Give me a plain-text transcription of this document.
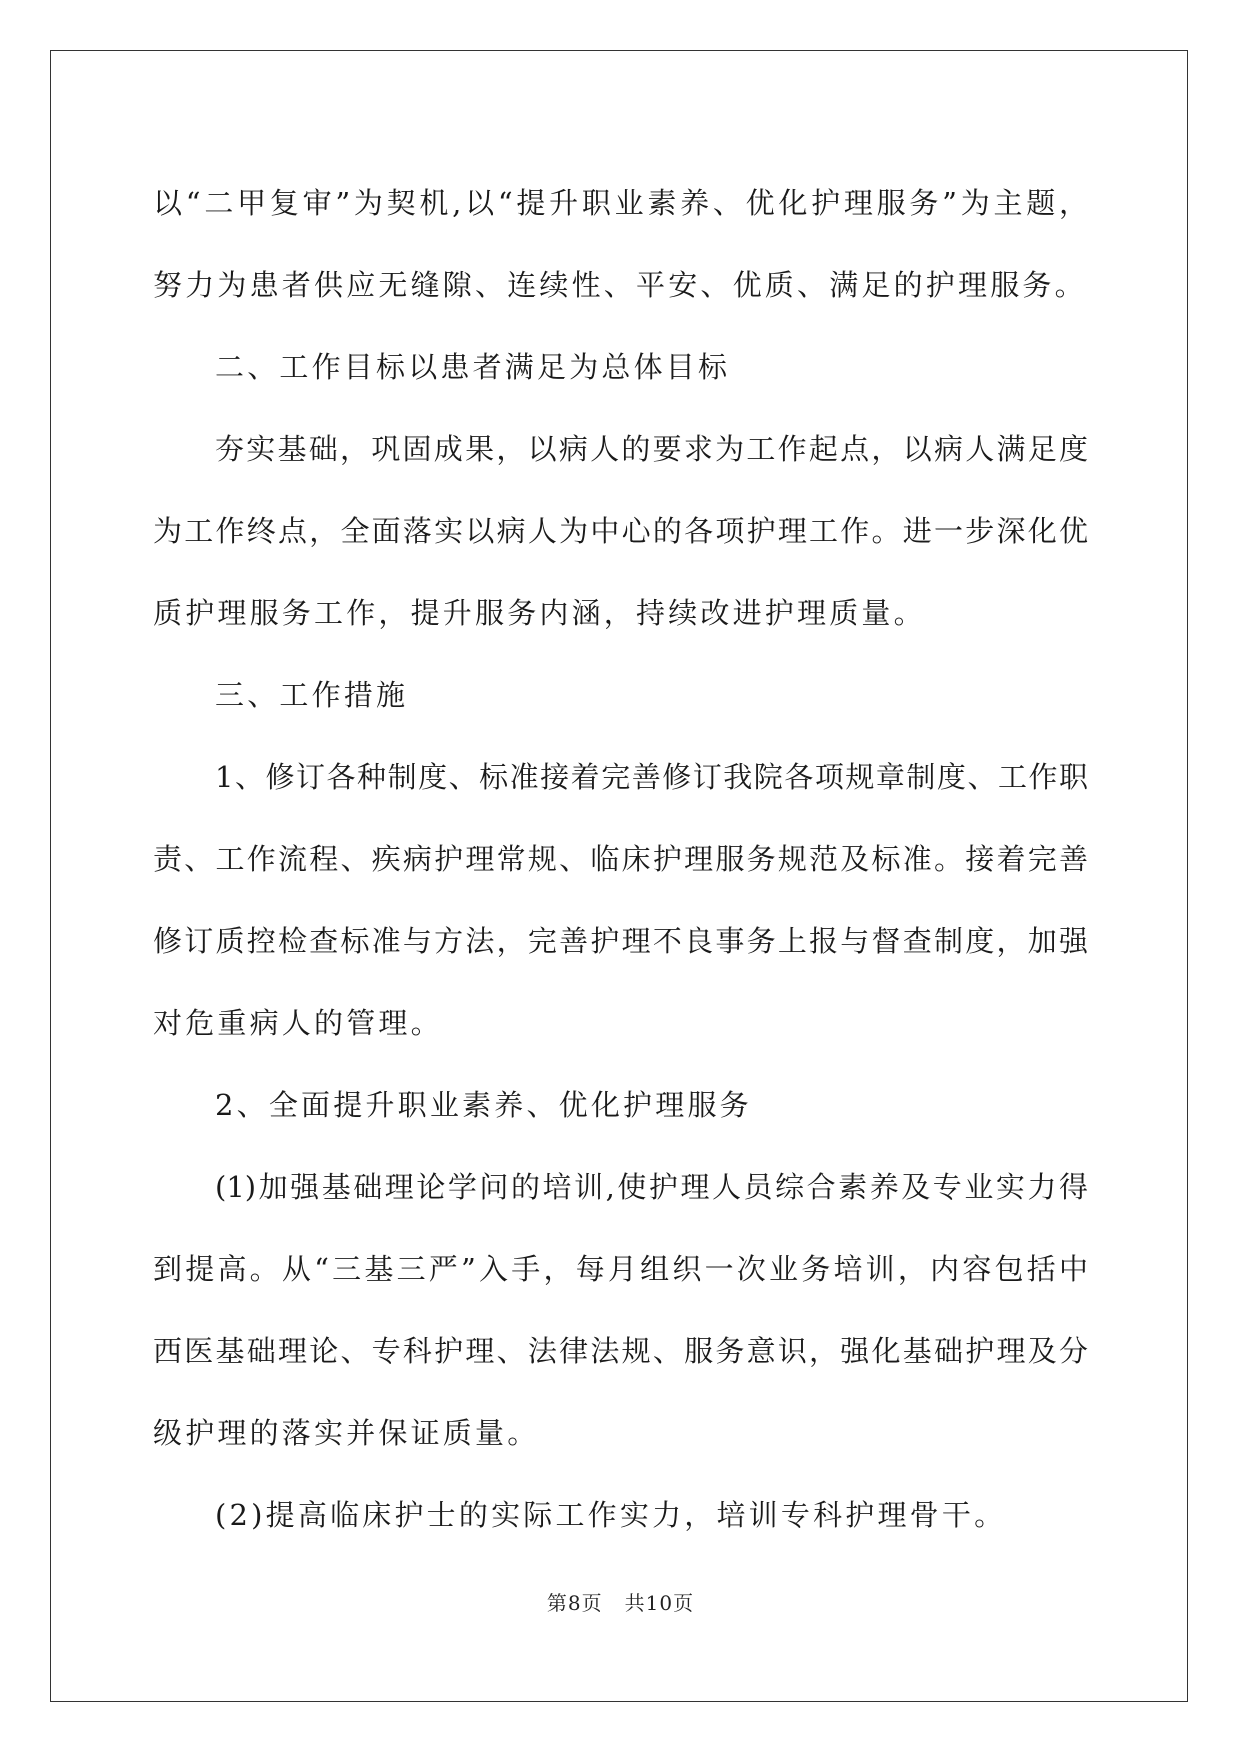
以“二甲复审”为契机,以“提升职业素养、优化护理服务”为主题，
努力为患者供应无缝隙、连续性、平安、优质、满足的护理服务。
二、工作目标以患者满足为总体目标
夯实基础，巩固成果，以病人的要求为工作起点，以病人满足度
为工作终点，全面落实以病人为中心的各项护理工作。进一步深化优
质护理服务工作，提升服务内涵，持续改进护理质量。
三、工作措施
1、修订各种制度、标准接着完善修订我院各项规章制度、工作职
责、工作流程、疾病护理常规、临床护理服务规范及标准。接着完善
修订质控检查标准与方法，完善护理不良事务上报与督查制度，加强
对危重病人的管理。
2、全面提升职业素养、优化护理服务
(1)加强基础理论学问的培训,使护理人员综合素养及专业实力得
到提高。从“三基三严”入手，每月组织一次业务培训，内容包括中
西医基础理论、专科护理、法律法规、服务意识，强化基础护理及分
级护理的落实并保证质量。
(2)提高临床护士的实际工作实力，培训专科护理骨干。
第8页 共10页
